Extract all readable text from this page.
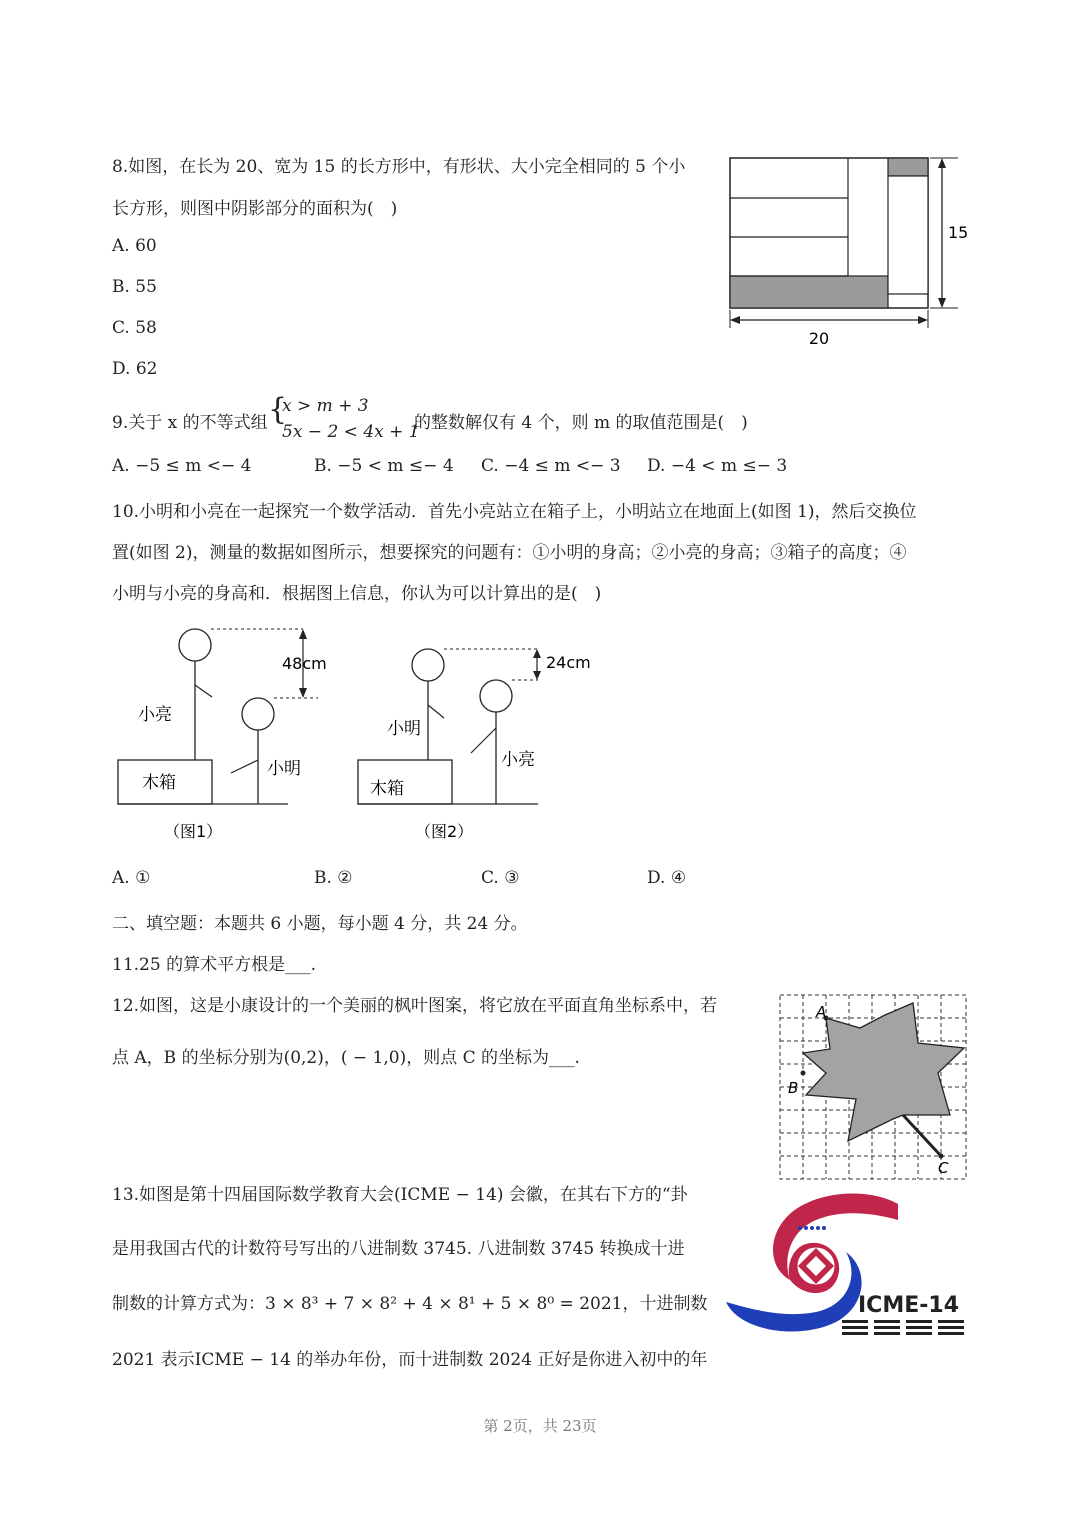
8.如图，在长为 20、宽为 15 的长方形中，有形状、大小完全相同的 5 个小
长方形，则图中阴影部分的面积为(　)
A. 60
B. 55
C. 58
D. 62
20
15
9.关于 x 的不等式组 {
x > m + 3
5x − 2 < 4x + 1
的整数解仅有 4 个，则 m 的取值范围是(　)
A. −5 ≤ m <− 4	B. −5 < m ≤− 4 C. −4 ≤ m <− 3 D. −4 < m ≤− 3
10.小明和小亮在一起探究一个数学活动．首先小亮站立在箱子上，小明站立在地面上(如图 1)，然后交换位
置(如图 2)，测量的数据如图所示，想要探究的问题有：①小明的身高；②小亮的身高；③箱子的高度；④
小明与小亮的身高和．根据图上信息，你认为可以计算出的是(　)
48cm
小亮
小明
木箱
（图1）
24cm
小明
小亮
木箱
（图2）
A. ①	B. ②	C. ③	D. ④
二、填空题：本题共 6 小题，每小题 4 分，共 24 分。
11.25 的算术平方根是___.
12.如图，这是小康设计的一个美丽的枫叶图案，将它放在平面直角坐标系中，若
点 A，B 的坐标分别为(0,2)，( − 1,0)，则点 C 的坐标为___.
A
B
C
13.如图是第十四届国际数学教育大会(ICME − 14) 会徽，在其右下方的“卦
是用我国古代的计数符号写出的八进制数 3745. 八进制数 3745 转换成十进
制数的计算方式为：3 × 8³ + 7 × 8² + 4 × 8¹ + 5 × 8⁰ = 2021，十进制数
2021 表示ICME − 14 的举办年份，而十进制数 2024 正好是你进入初中的年
ICME-14
第 2页，共 23页
